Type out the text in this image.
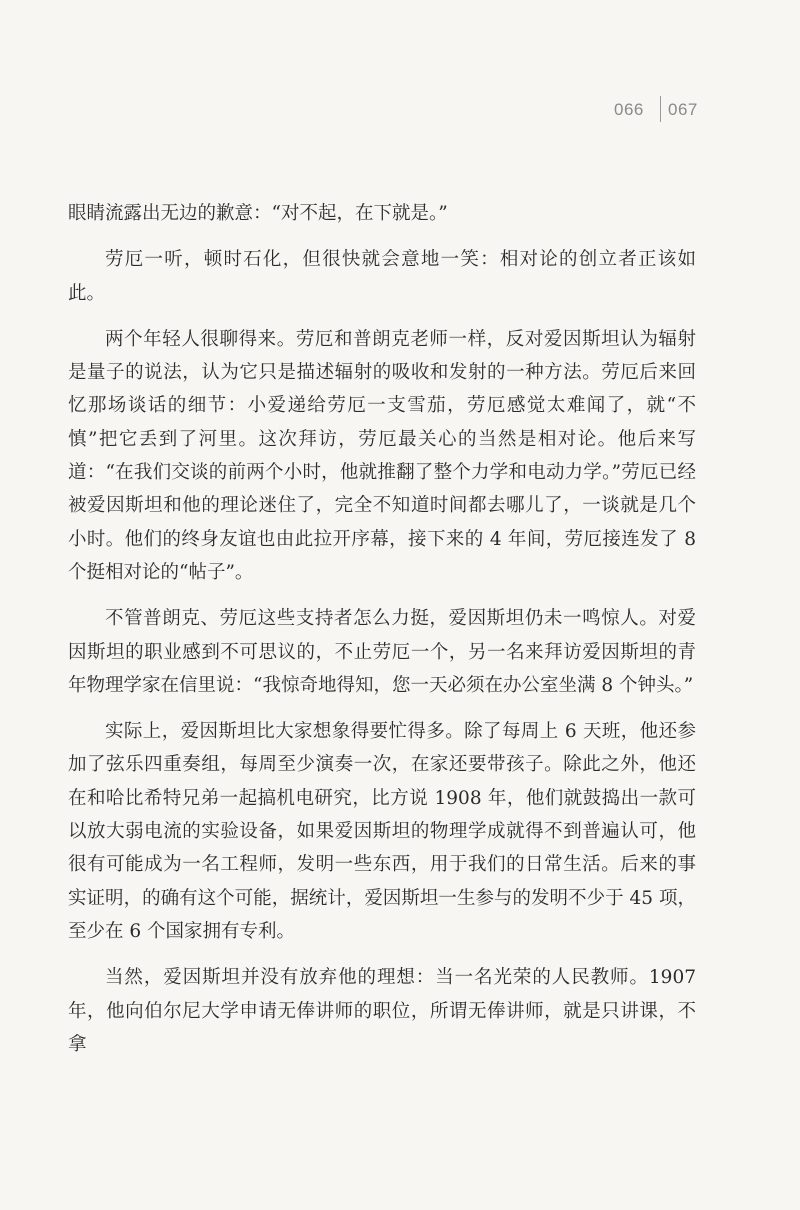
066 067

眼睛流露出无边的歉意：“对不起，在下就是。”

劳厄一听，顿时石化，但很快就会意地一笑：相对论的创立者正该如此。

两个年轻人很聊得来。劳厄和普朗克老师一样，反对爱因斯坦认为辐射是量子的说法，认为它只是描述辐射的吸收和发射的一种方法。劳厄后来回忆那场谈话的细节：小爱递给劳厄一支雪茄，劳厄感觉太难闻了，就“不慎”把它丢到了河里。这次拜访，劳厄最关心的当然是相对论。他后来写道：“在我们交谈的前两个小时，他就推翻了整个力学和电动力学。”劳厄已经被爱因斯坦和他的理论迷住了，完全不知道时间都去哪儿了，一谈就是几个小时。他们的终身友谊也由此拉开序幕，接下来的 4 年间，劳厄接连发了 8 个挺相对论的“帖子”。

不管普朗克、劳厄这些支持者怎么力挺，爱因斯坦仍未一鸣惊人。对爱因斯坦的职业感到不可思议的，不止劳厄一个，另一名来拜访爱因斯坦的青年物理学家在信里说：“我惊奇地得知，您一天必须在办公室坐满 8 个钟头。”

实际上，爱因斯坦比大家想象得要忙得多。除了每周上 6 天班，他还参加了弦乐四重奏组，每周至少演奏一次，在家还要带孩子。除此之外，他还在和哈比希特兄弟一起搞机电研究，比方说 1908 年，他们就鼓捣出一款可以放大弱电流的实验设备，如果爱因斯坦的物理学成就得不到普遍认可，他很有可能成为一名工程师，发明一些东西，用于我们的日常生活。后来的事实证明，的确有这个可能，据统计，爱因斯坦一生参与的发明不少于 45 项，至少在 6 个国家拥有专利。

当然，爱因斯坦并没有放弃他的理想：当一名光荣的人民教师。1907 年，他向伯尔尼大学申请无俸讲师的职位，所谓无俸讲师，就是只讲课，不拿
